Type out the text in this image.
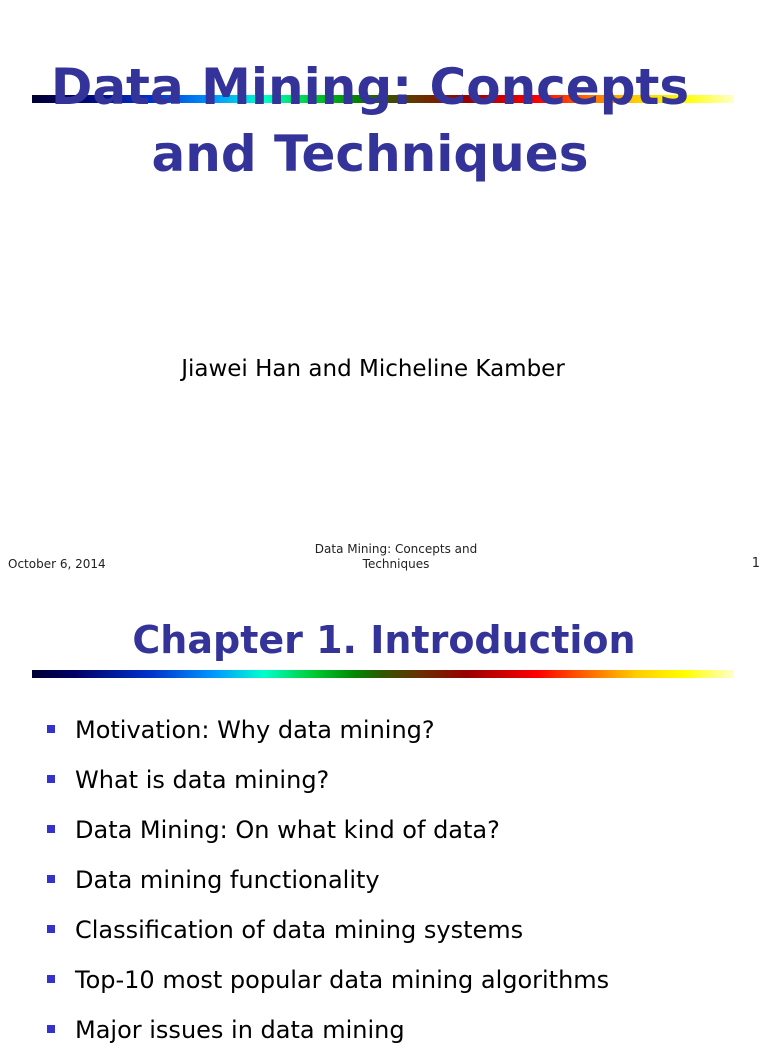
Data Mining: Concepts and Techniques
Jiawei Han and Micheline Kamber
October 6, 2014
Data Mining: Concepts and Techniques	1
Chapter 1. Introduction
Motivation: Why data mining?
What is data mining?
Data Mining: On what kind of data?
Data mining functionality
Classification of data mining systems
Top-10 most popular data mining algorithms
Major issues in data mining
